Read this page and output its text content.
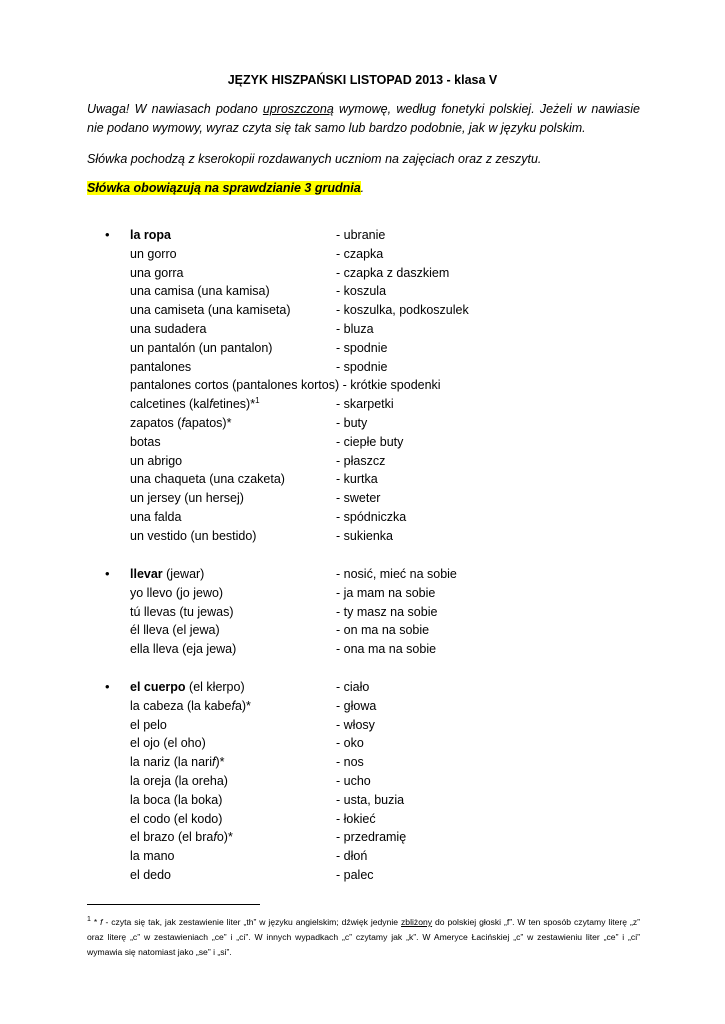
JĘZYK HISZPAŃSKI LISTOPAD 2013 - klasa V
Uwaga! W nawiasach podano uproszczoną wymowę, według fonetyki polskiej. Jeżeli w nawiasie nie podano wymowy, wyraz czyta się tak samo lub bardzo podobnie, jak w języku polskim.
Słówka pochodzą z kserokopii rozdawanych uczniom na zajęciach oraz z zeszytu.
Słówka obowiązują na sprawdzianie 3 grudnia.
• la ropa	- ubranie
un gorro	- czapka
una gorra	- czapka z daszkiem
una camisa (una kamisa)	- koszula
una camiseta (una kamiseta)	- koszulka, podkoszulek
una sudadera	- bluza
un pantalón (un pantalon)	- spodnie
pantalones	- spodnie
pantalones cortos (pantalones kortos) - krótkie spodenki
calcetines (kalfetines)*$^1$	- skarpetki
zapatos (fapatos)*	- buty
botas	- ciepłe buty
un abrigo	- płaszcz
una chaqueta (una czaketa)	- kurtka
un jersey (un hersej)	- sweter
una falda	- spódniczka
un vestido (un bestido)	- sukienka
• llevar (jewar)	- nosić, mieć na sobie
yo llevo (jo jewo)	- ja mam na sobie
tú llevas (tu jewas)	- ty masz na sobie
él lleva (el jewa)	- on ma na sobie
ella lleva (eja jewa)	- ona ma na sobie
• el cuerpo (el kłerpo)	- ciało
la cabeza (la kabefa)*	- głowa
el pelo	- włosy
el ojo (el oho)	- oko
la nariz (la narif)*	- nos
la oreja (la oreha)	- ucho
la boca (la boka)	- usta, buzia
el codo (el kodo)	- łokieć
el brazo (el brafo)*	- przedramię
la mano	- dłoń
el dedo	- palec
$^1$ * f - czyta się tak, jak zestawienie liter „th” w języku angielskim; dźwięk jedynie zbliżony do polskiej głoski „f”. W ten sposób czytamy literę „z” oraz literę „c” w zestawieniach „ce” i „ci”. W innych wypadkach „c” czytamy jak „k”. W Ameryce Łacińskiej „c” w zestawieniu liter „ce” i „ci” wymawia się natomiast jako „se” i „si”.
